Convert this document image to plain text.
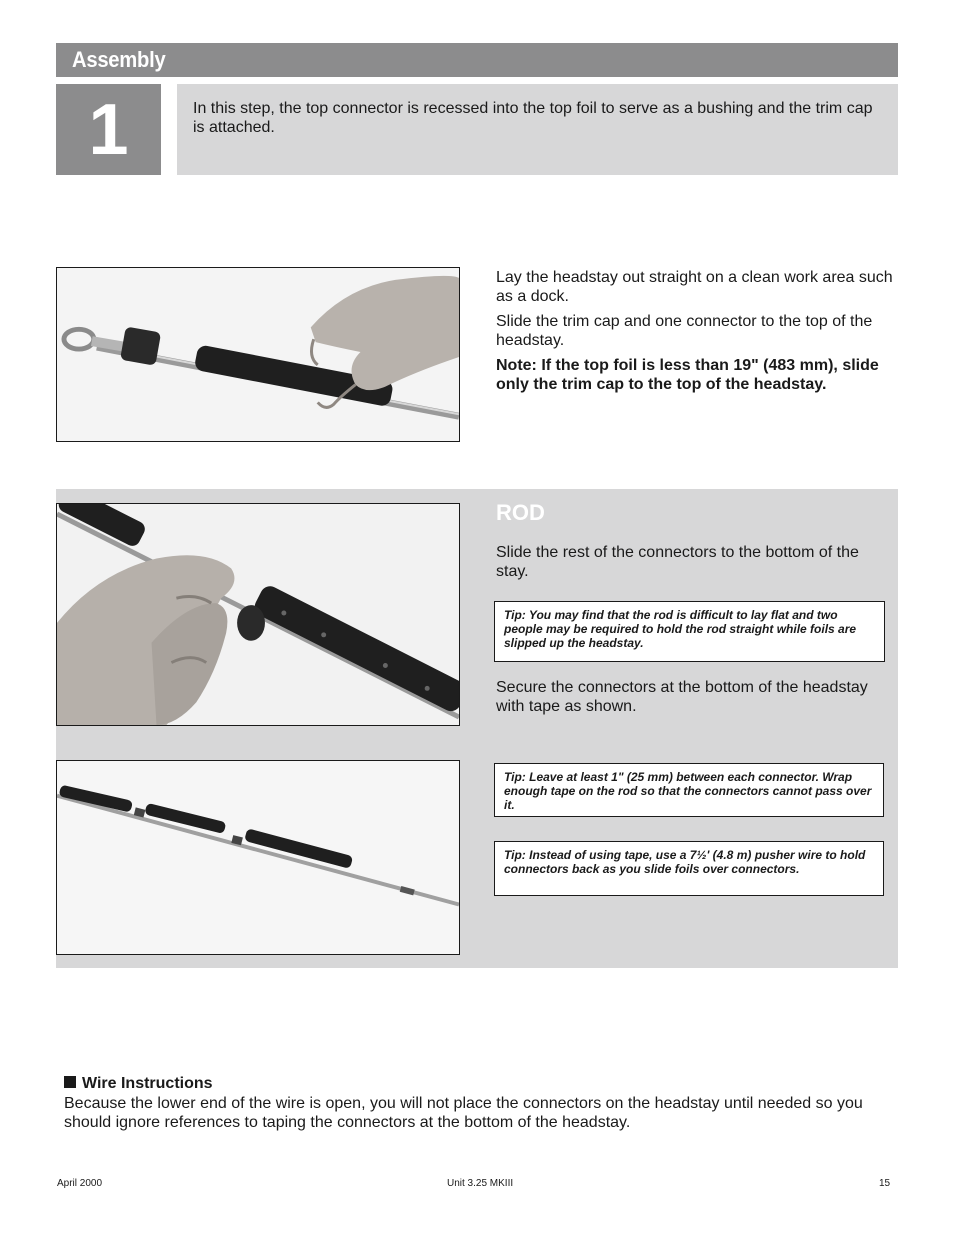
Assembly
1	In this step, the top connector is recessed into the top foil to serve as a bushing and the trim cap is attached.

Lay the headstay out straight on a clean work area such as a dock.

Slide the trim cap and one connector to the top of the headstay.

Note: If the top foil is less than 19" (483 mm), slide only the trim cap to the top of the headstay.

ROD
Slide the rest of the connectors to the bottom of the stay.
Tip: You may find that the rod is difficult to lay flat and two people may be required to hold the rod straight while foils are slipped up the headstay.
Secure the connectors at the bottom of the headstay with tape as shown.
Tip: Leave at least 1" (25 mm) between each connector. Wrap enough tape on the rod so that the connectors cannot pass over it.
Tip: Instead of using tape, use a 7½' (4.8 m) pusher wire to hold connectors back as you slide foils over connectors.
Wire Instructions
Because the lower end of the wire is open, you will not place the connectors on the headstay until needed so you should ignore references to taping the connectors at the bottom of the headstay.
April 2000	Unit 3.25 MKIII	15
